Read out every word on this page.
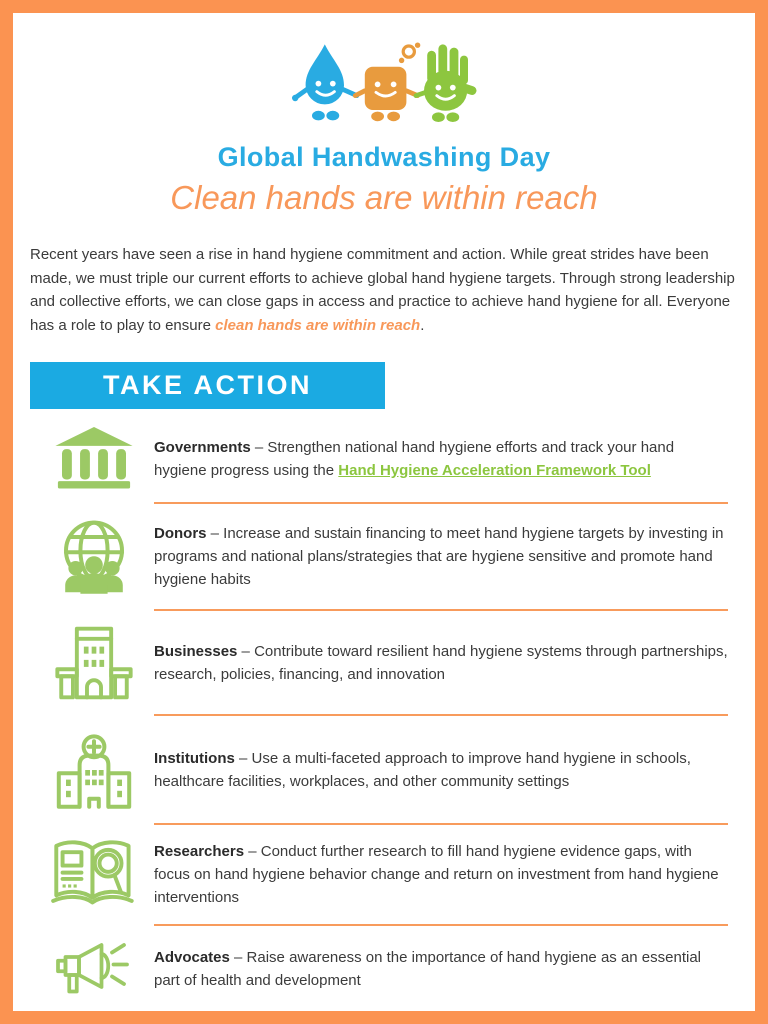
Global Handwashing Day
Clean hands are within reach

Recent years have seen a rise in hand hygiene commitment and action. While great strides have been made, we must triple our current efforts to achieve global hand hygiene targets. Through strong leadership and collective efforts, we can close gaps in access and practice to achieve hand hygiene for all. Everyone has a role to play to ensure clean hands are within reach.

TAKE ACTION

Governments – Strengthen national hand hygiene efforts and track your hand hygiene progress using the Hand Hygiene Acceleration Framework Tool

Donors – Increase and sustain financing to meet hand hygiene targets by investing in programs and national plans/strategies that are hygiene sensitive and promote hand hygiene habits

Businesses – Contribute toward resilient hand hygiene systems through partnerships, research, policies, financing, and innovation

Institutions – Use a multi-faceted approach to improve hand hygiene in schools, healthcare facilities, workplaces, and other community settings

Researchers – Conduct further research to fill hand hygiene evidence gaps, with focus on hand hygiene behavior change and return on investment from hand hygiene interventions

Advocates – Raise awareness on the importance of hand hygiene as an essential part of health and development
